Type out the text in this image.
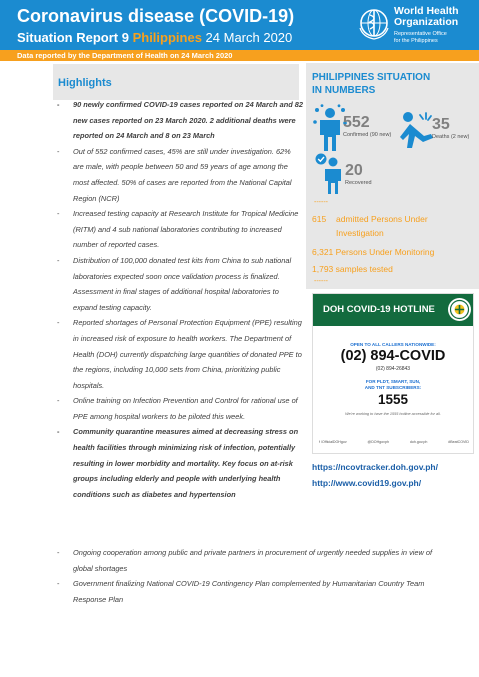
Coronavirus disease (COVID-19)
Situation Report 9 Philippines 24 March 2020
World Health
Organization
Representative Office
for the Philippines
Data reported by the Department of Health on 24 March 2020
Highlights
- 90 newly confirmed COVID-19 cases reported on 24 March and 82 new cases reported on 23 March 2020. 2 additional deaths were reported on 24 March and 8 on 23 March
- Out of 552 confirmed cases, 45% are still under investigation. 62% are male, with people between 50 and 59 years of age among the most affected. 50% of cases are reported from the National Capital Region (NCR)
- Increased testing capacity at Research Institute for Tropical Medicine (RITM) and 4 sub national laboratories contributing to increased number of reported cases.
- Distribution of 100,000 donated test kits from China to sub national laboratories expected soon once validation process is finalized. Assessment in final stages of additional hospital laboratories to expand testing capacity.
- Reported shortages of Personal Protection Equipment (PPE) resulting in increased risk of exposure to health workers. The Department of Health (DOH) currently dispatching large quantities of donated PPE to the regions, including 10,000 sets from China, prioritizing public hospitals.
- Online training on Infection Prevention and Control for rational use of PPE among hospital workers to be piloted this week.
- Community quarantine measures aimed at decreasing stress on health facilities through minimizing risk of infection, potentially resulting in lower morbidity and mortality. Key focus on at-risk groups including elderly and people with underlying health conditions such as diabetes and hypertension
- Ongoing cooperation among public and private partners in procurement of urgently needed supplies in view of global shortages
- Government finalizing National COVID-19 Contingency Plan complemented by Humanitarian Country Team Response Plan
PHILIPPINES SITUATION
IN NUMBERS
552
Confirmed (90 new)
35
Deaths (2 new)
20
Recovered
------
615 admitted Persons Under Investigation
6,321 Persons Under Monitoring
1,793 samples tested
------
DOH COVID-19 HOTLINE
OPEN TO ALL CALLERS NATIONWIDE:
(02) 894-COVID
(02) 894-26843
FOR PLDT, SMART, SUN,
AND TNT SUBSCRIBERS:
1555
We're working to have the 1555 hotline accessible for all.
f /OfficialDOHgov	@DOHgovph	doh.gov.ph	#BeatCOVID
https://ncovtracker.doh.gov.ph/
http://www.covid19.gov.ph/
